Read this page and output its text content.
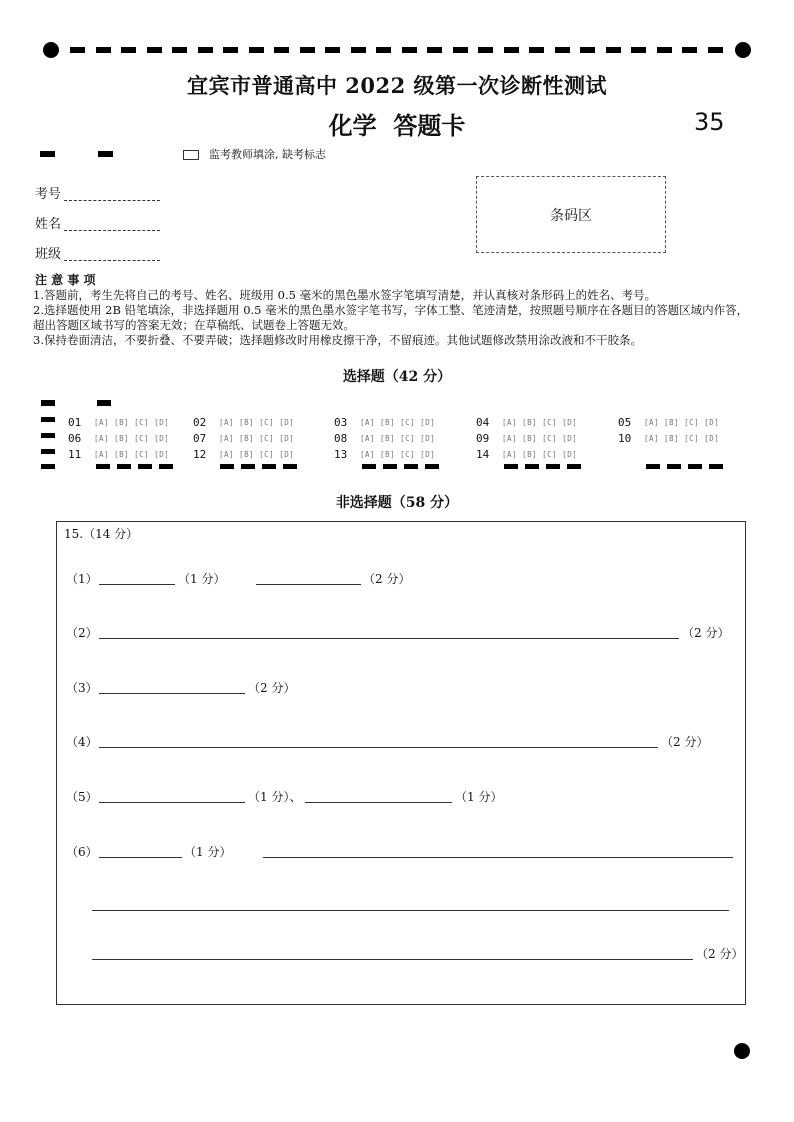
宜宾市普通高中 2022 级第一次诊断性测试
化学  答题卡	35
监考教师填涂, 缺考标志
考号
姓名
班级
条码区
注 意 事 项
1.答题前，考生先将自己的考号、姓名、班级用 0.5 毫米的黑色墨水签字笔填写清楚，并认真核对条形码上的姓名、考号。
2.选择题使用 2B 铅笔填涂，非选择题用 0.5 毫米的黑色墨水签字笔书写，字体工整、笔迹清楚，按照题号顺序在各题目的答题区域内作答，超出答题区域书写的答案无效；在草稿纸、试题卷上答题无效。
3.保持卷面清洁，不要折叠、不要弄破；选择题修改时用橡皮擦干净，不留痕迹。其他试题修改禁用涂改液和不干胶条。
选择题（42 分）
01 [A] [B] [C] [D] 02 [A] [B] [C] [D]	03 [A] [B] [C] [D]	04 [A] [B] [C] [D]	05 [A] [B] [C] [D]
06 [A] [B] [C] [D] 07 [A] [B] [C] [D]	08 [A] [B] [C] [D]	09 [A] [B] [C] [D]	10 [A] [B] [C] [D]
11 [A] [B] [C] [D] 12 [A] [B] [C] [D]	13 [A] [B] [C] [D]	14 [A] [B] [C] [D]
非选择题（58 分）
15.（14 分）
（1）	（1 分）	（2 分）
（2）	（2 分）
（3）	（2 分）
（4）	（2 分）
（5）	（1 分）、	（1 分）
（6）	（1 分）
（2 分）
